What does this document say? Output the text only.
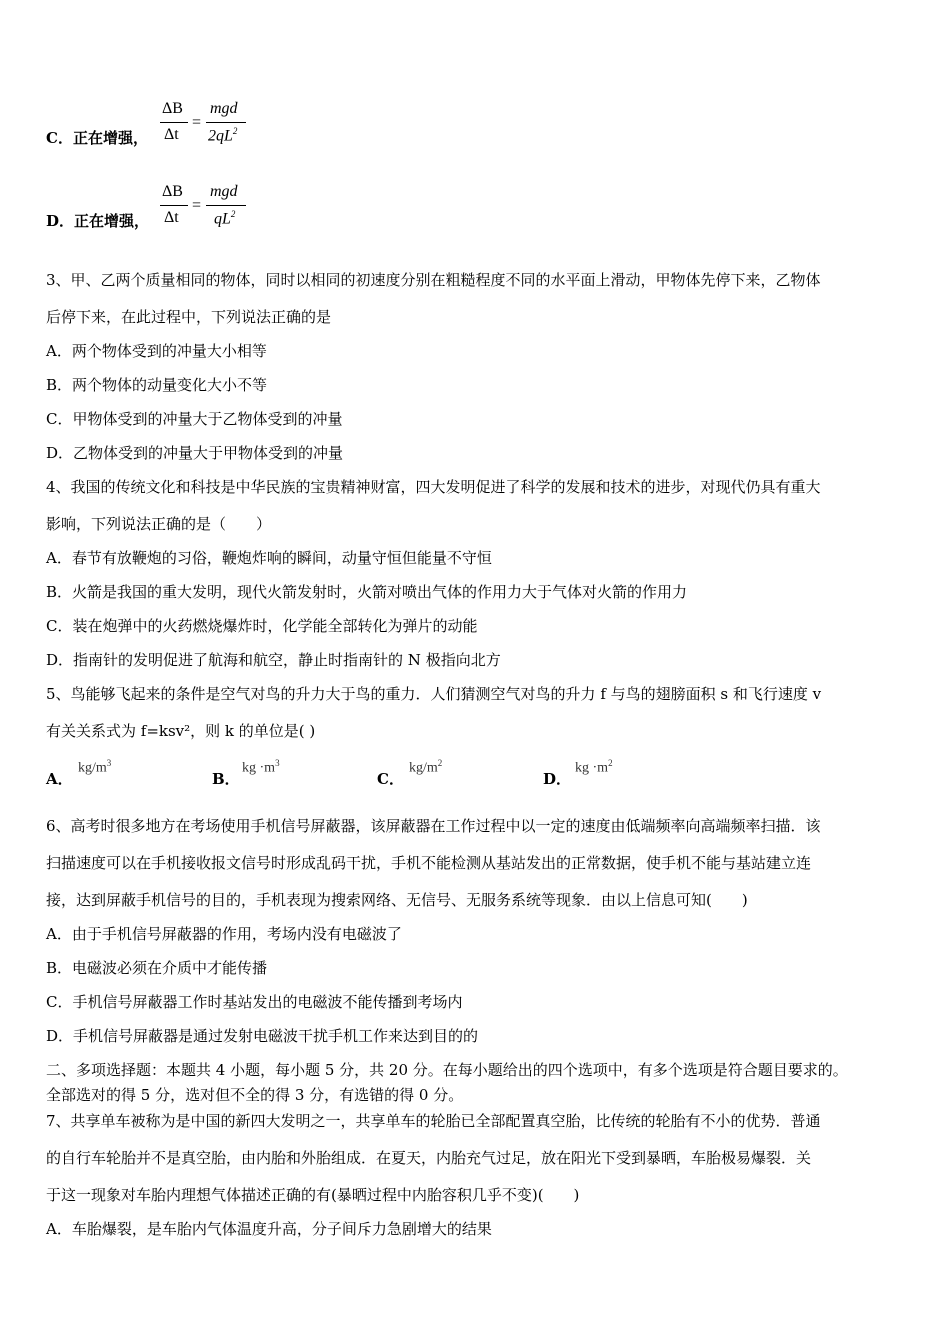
C．正在增强，
ΔB
Δt
=
mgd
$2qL^2$
D．正在增强，
ΔB
Δt
=
mgd
$qL^2$
3、甲、乙两个质量相同的物体，同时以相同的初速度分别在粗糙程度不同的水平面上滑动，甲物体先停下来，乙物体
后停下来，在此过程中，下列说法正确的是
A．两个物体受到的冲量大小相等
B．两个物体的动量变化大小不等
C．甲物体受到的冲量大于乙物体受到的冲量
D．乙物体受到的冲量大于甲物体受到的冲量
4、我国的传统文化和科技是中华民族的宝贵精神财富，四大发明促进了科学的发展和技术的进步，对现代仍具有重大
影响，下列说法正确的是（　　）
A．春节有放鞭炮的习俗，鞭炮炸响的瞬间，动量守恒但能量不守恒
B．火箭是我国的重大发明，现代火箭发射时，火箭对喷出气体的作用力大于气体对火箭的作用力
C．装在炮弹中的火药燃烧爆炸时，化学能全部转化为弹片的动能
D．指南针的发明促进了航海和航空，静止时指南针的 N 极指向北方
5、鸟能够飞起来的条件是空气对鸟的升力大于鸟的重力．人们猜测空气对鸟的升力 f 与鸟的翅膀面积 s 和飞行速度 v
有关关系式为 f=ksv²，则 k 的单位是( )
A．
$kg/m^3$
B．
kg $\cdot m^3$
C．
$kg/m^2$
D．
kg $\cdot m^2$
6、高考时很多地方在考场使用手机信号屏蔽器，该屏蔽器在工作过程中以一定的速度由低端频率向高端频率扫描．该
扫描速度可以在手机接收报文信号时形成乱码干扰，手机不能检测从基站发出的正常数据，使手机不能与基站建立连
接，达到屏蔽手机信号的目的，手机表现为搜索网络、无信号、无服务系统等现象．由以上信息可知(　　)
A．由于手机信号屏蔽器的作用，考场内没有电磁波了
B．电磁波必须在介质中才能传播
C．手机信号屏蔽器工作时基站发出的电磁波不能传播到考场内
D．手机信号屏蔽器是通过发射电磁波干扰手机工作来达到目的的
二、多项选择题：本题共 4 小题，每小题 5 分，共 20 分。在每小题给出的四个选项中，有多个选项是符合题目要求的。
全部选对的得 5 分，选对但不全的得 3 分，有选错的得 0 分。
7、共享单车被称为是中国的新四大发明之一，共享单车的轮胎已全部配置真空胎，比传统的轮胎有不小的优势．普通
的自行车轮胎并不是真空胎，由内胎和外胎组成．在夏天，内胎充气过足，放在阳光下受到暴晒，车胎极易爆裂．关
于这一现象对车胎内理想气体描述正确的有(暴晒过程中内胎容积几乎不变)(　　)
A．车胎爆裂，是车胎内气体温度升高，分子间斥力急剧增大的结果
